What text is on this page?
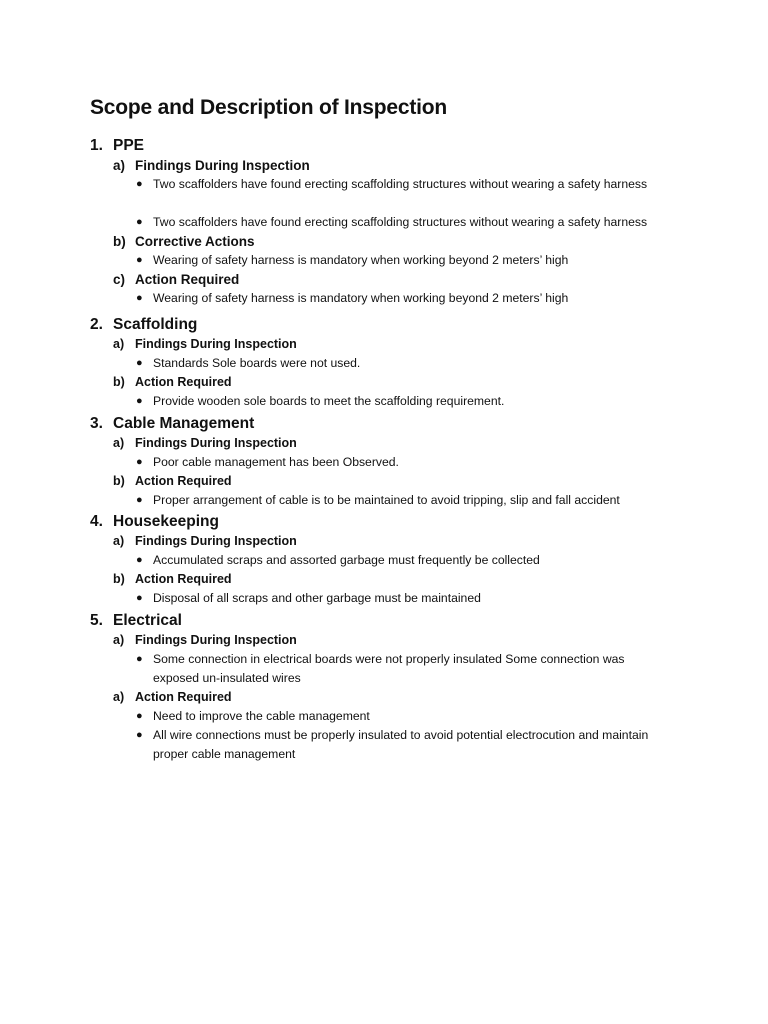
Scope and Description of Inspection
1. PPE
a) Findings During Inspection
● Two scaffolders have found erecting scaffolding structures without wearing a safety harness
● Two scaffolders have found erecting scaffolding structures without wearing a safety harness
b) Corrective Actions
● Wearing of safety harness is mandatory when working beyond 2 meters’ high
c) Action Required
● Wearing of safety harness is mandatory when working beyond 2 meters’ high
2. Scaffolding
a) Findings During Inspection
● Standards Sole boards were not used.
b) Action Required
● Provide wooden sole boards to meet the scaffolding requirement.
3. Cable Management
a) Findings During Inspection
● Poor cable management has been Observed.
b) Action Required
● Proper arrangement of cable is to be maintained to avoid tripping, slip and fall accident
4. Housekeeping
a) Findings During Inspection
● Accumulated scraps and assorted garbage must frequently be collected
b) Action Required
● Disposal of all scraps and other garbage must be maintained
5. Electrical
a) Findings During Inspection
● Some connection in electrical boards were not properly insulated Some connection was exposed un-insulated wires
a) Action Required
● Need to improve the cable management
● All wire connections must be properly insulated to avoid potential electrocution and maintain proper cable management
